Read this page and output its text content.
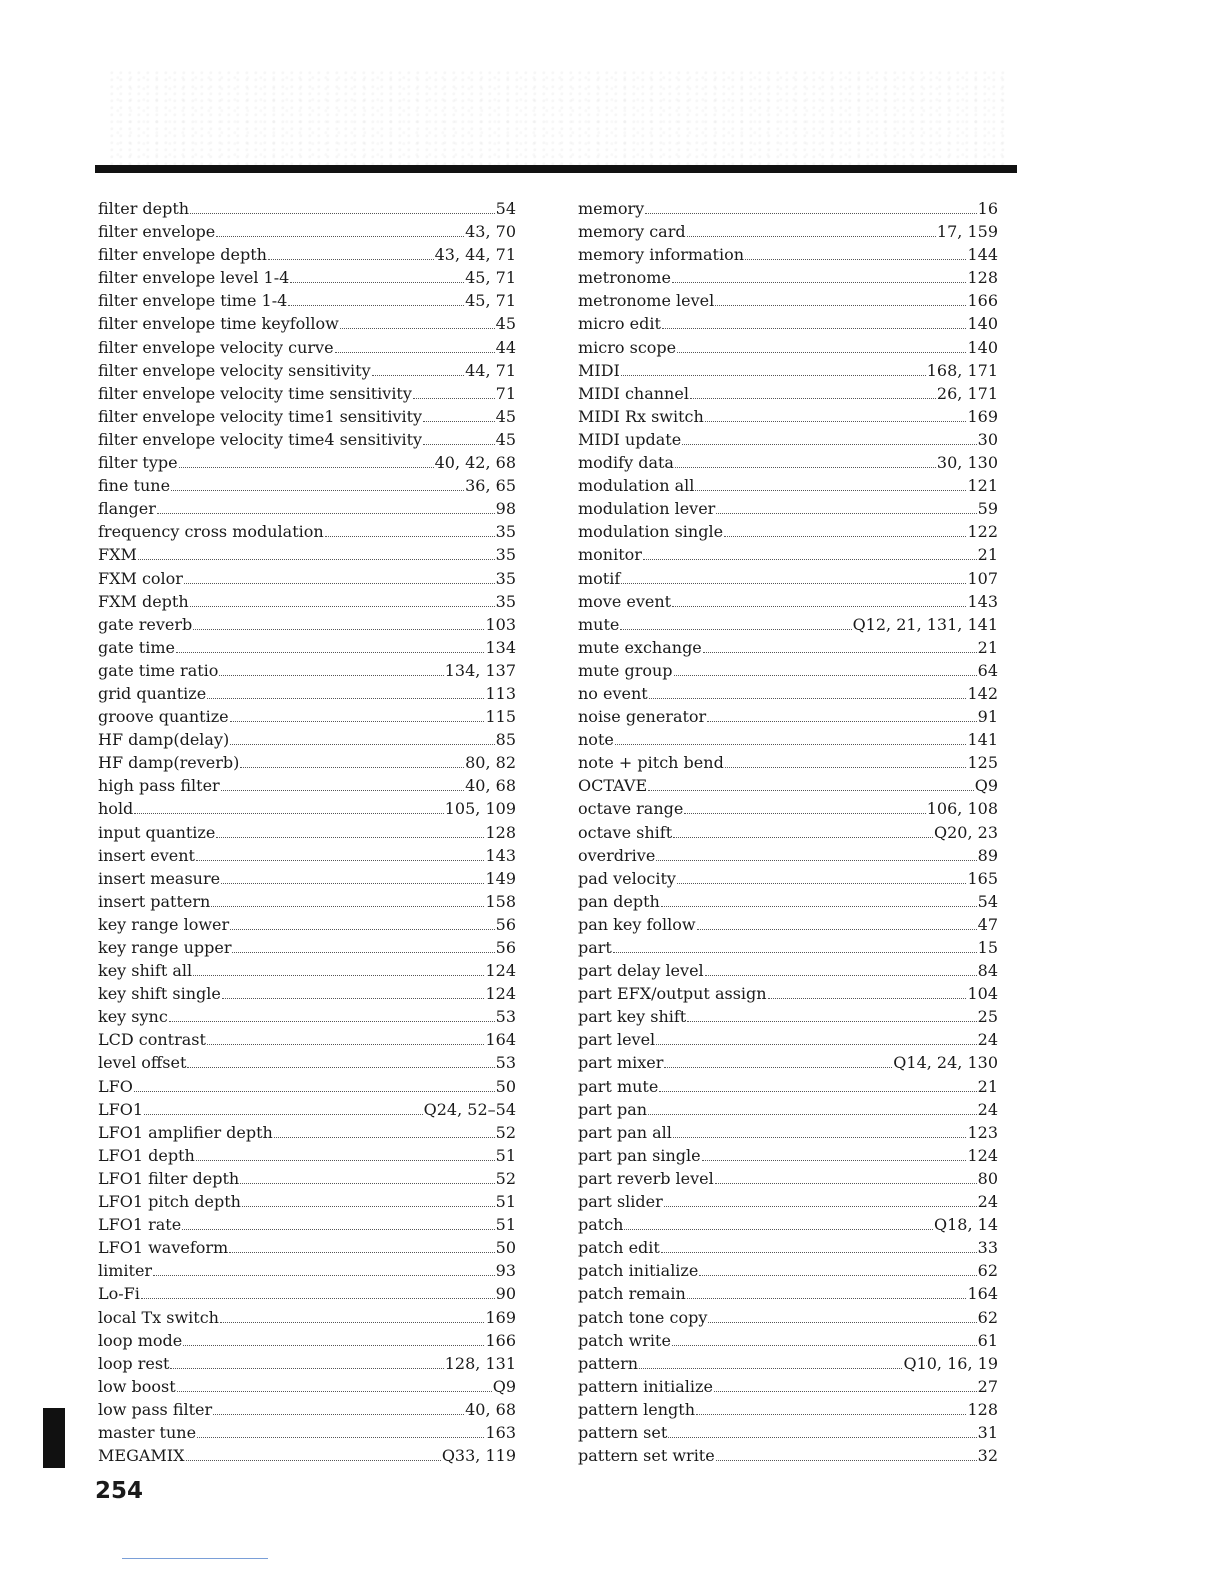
filter depth	54
filter envelope	43, 70
filter envelope depth	43, 44, 71
filter envelope level 1-4	45, 71
filter envelope time 1-4	45, 71
filter envelope time keyfollow	45
filter envelope velocity curve	44
filter envelope velocity sensitivity	44, 71
filter envelope velocity time sensitivity	71
filter envelope velocity time1 sensitivity	45
filter envelope velocity time4 sensitivity	45
filter type	40, 42, 68
fine tune	36, 65
flanger	98
frequency cross modulation	35
FXM	35
FXM color	35
FXM depth	35
gate reverb	103
gate time	134
gate time ratio	134, 137
grid quantize	113
groove quantize	115
HF damp(delay)	85
HF damp(reverb)	80, 82
high pass filter	40, 68
hold	105, 109
input quantize	128
insert event	143
insert measure	149
insert pattern	158
key range lower	56
key range upper	56
key shift all	124
key shift single	124
key sync	53
LCD contrast	164
level offset	53
LFO	50
LFO1	Q24, 52–54
LFO1 amplifier depth	52
LFO1 depth	51
LFO1 filter depth	52
LFO1 pitch depth	51
LFO1 rate	51
LFO1 waveform	50
limiter	93
Lo-Fi	90
local Tx switch	169
loop mode	166
loop rest	128, 131
low boost	Q9
low pass filter	40, 68
master tune	163
MEGAMIX	Q33, 119
memory	16
memory card	17, 159
memory information	144
metronome	128
metronome level	166
micro edit	140
micro scope	140
MIDI	168, 171
MIDI channel	26, 171
MIDI Rx switch	169
MIDI update	30
modify data	30, 130
modulation all	121
modulation lever	59
modulation single	122
monitor	21
motif	107
move event	143
mute	Q12, 21, 131, 141
mute exchange	21
mute group	64
no event	142
noise generator	91
note	141
note + pitch bend	125
OCTAVE	Q9
octave range	106, 108
octave shift	Q20, 23
overdrive	89
pad velocity	165
pan depth	54
pan key follow	47
part	15
part delay level	84
part EFX/output assign	104
part key shift	25
part level	24
part mixer	Q14, 24, 130
part mute	21
part pan	24
part pan all	123
part pan single	124
part reverb level	80
part slider	24
patch	Q18, 14
patch edit	33
patch initialize	62
patch remain	164
patch tone copy	62
patch write	61
pattern	Q10, 16, 19
pattern initialize	27
pattern length	128
pattern set	31
pattern set write	32
254
